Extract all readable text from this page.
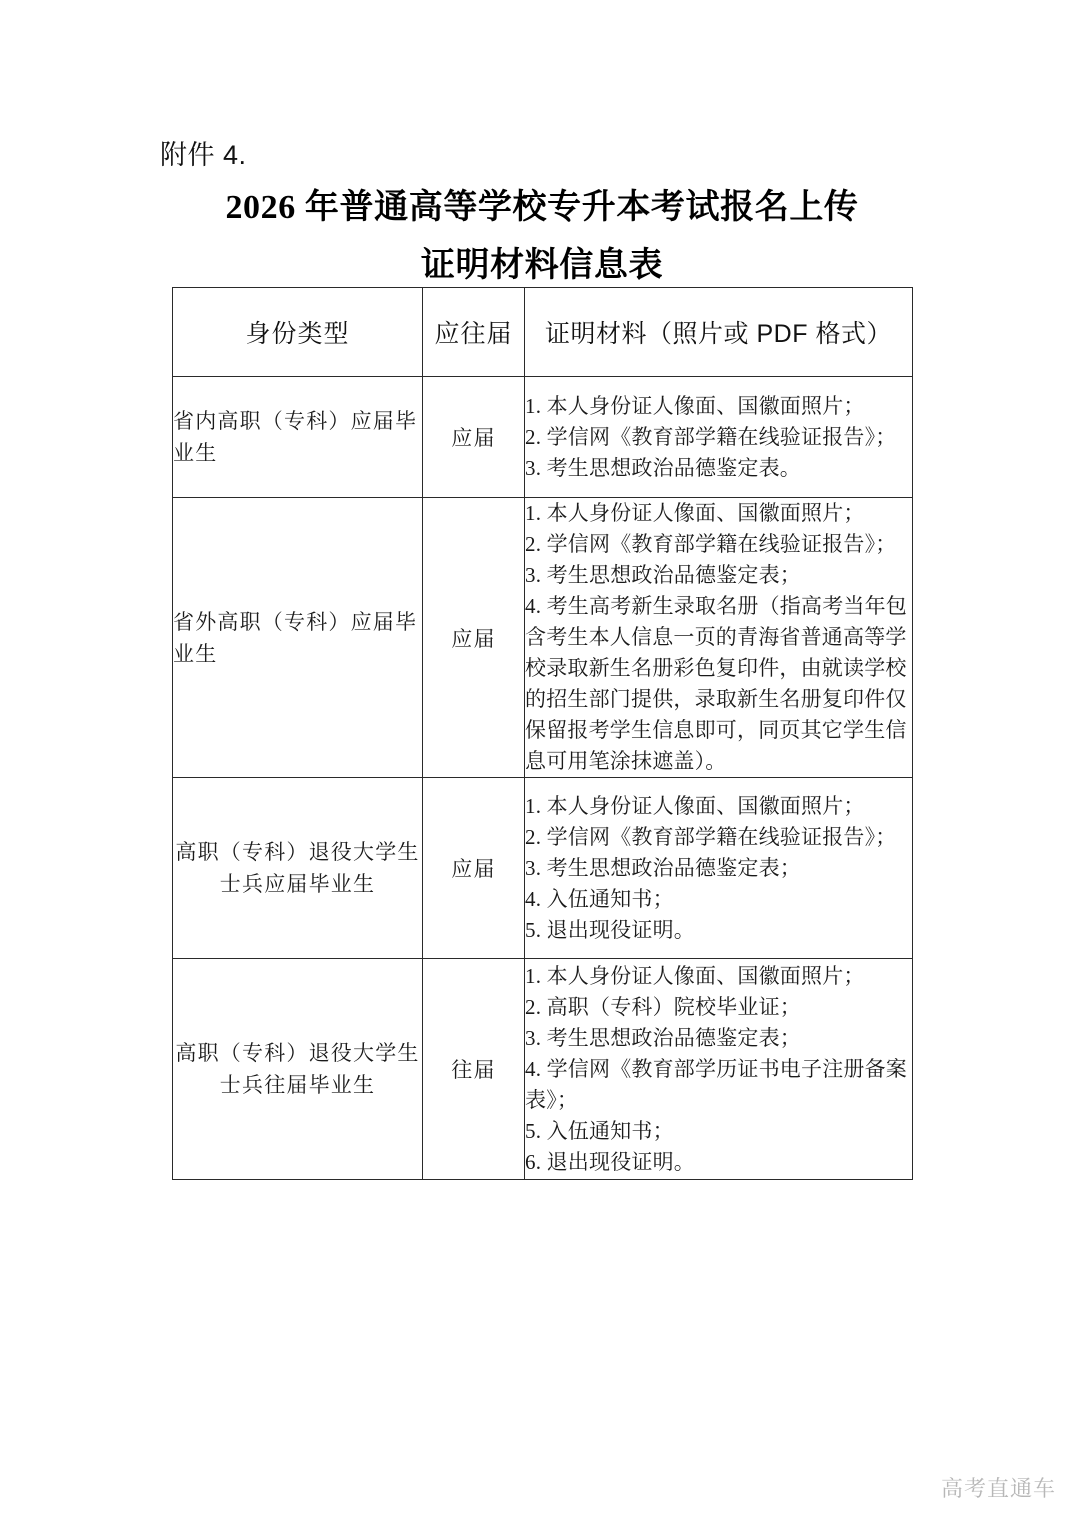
附件 4.
2026 年普通高等学校专升本考试报名上传
证明材料信息表
身份类型	应往届	证明材料（照片或 PDF 格式）
省内高职（专科）应届毕业生	应届	
1. 本人身份证人像面、国徽面照片；
2. 学信网《教育部学籍在线验证报告》；
3. 考生思想政治品德鉴定表。

省外高职（专科）应届毕业生	应届	
1. 本人身份证人像面、国徽面照片；
2. 学信网《教育部学籍在线验证报告》；
3. 考生思想政治品德鉴定表；
4. 考生高考新生录取名册（指高考当年包含考生本人信息一页的青海省普通高等学校录取新生名册彩色复印件，由就读学校的招生部门提供，录取新生名册复印件仅保留报考学生信息即可，同页其它学生信息可用笔涂抹遮盖）。

高职（专科）退役大学生士兵应届毕业生	应届	
1. 本人身份证人像面、国徽面照片；
2. 学信网《教育部学籍在线验证报告》；
3. 考生思想政治品德鉴定表；
4. 入伍通知书；
5. 退出现役证明。

高职（专科）退役大学生士兵往届毕业生	往届	
1. 本人身份证人像面、国徽面照片；
2. 高职（专科）院校毕业证；
3. 考生思想政治品德鉴定表；
4. 学信网《教育部学历证书电子注册备案表》；
5. 入伍通知书；
6. 退出现役证明。
高考直通车
